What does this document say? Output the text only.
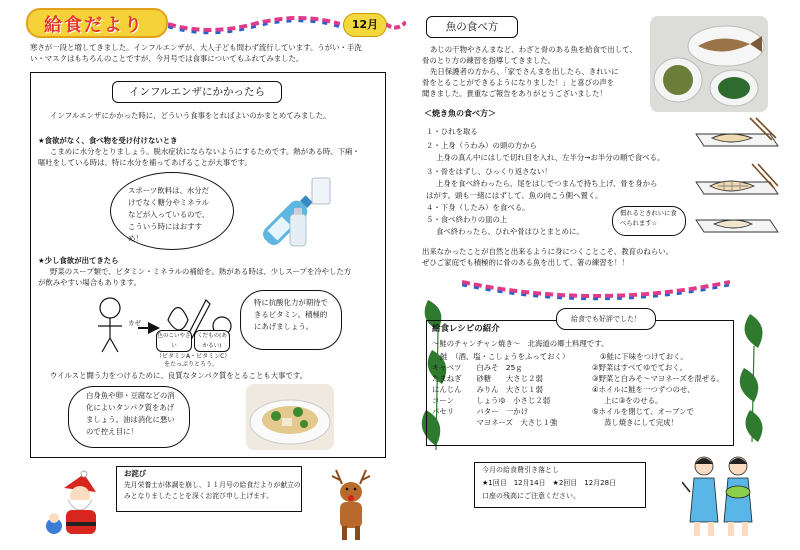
給食だより	12月
寒さが一段と増してきました。インフルエンザが、大人子ども問わず流行しています。うがい・手洗
い・マスクはもちろんのことですが、今月号では食事についてもふれてみました。
インフルエンザにかかったら
インフルエンザにかかった時に、どういう食事をとればよいのかまとめてみました。
★食欲がなく、食べ物を受け付けないとき
こまめに水分をとりましょう。脱水症状にならないようにするためです。熱がある時、下痢・
嘔吐をしている時は、特に水分を補ってあげることが大事です。
スポーツ飲料は、水分だけでなく糖分やミネラルなどが入っているので、こういう時にはおすすめ！
★少し食欲が出てきたら
野菜のスープ類で、ビタミン・ミネラルの補給を。熱がある時は、少しスープを冷やした方
が飲みやすい場合もあります。
カゼ
色のこいやさい
くだもの(あかるい)
（ビタミンA・ビタミンC）
をたっぷりとろう。
特に抗酸化力が期待できるビタミン。積極的にあげましょう。
ウイルスと闘う力をつけるために、良質なタンパク質をとることも大事です。
白身魚や卵・豆腐などの消化によいタンパク質をあげましょう。油は消化に悪いので控え目に！
お詫び
先月栄養士が体調を崩し、１１月号の給食だよりが献立の
みとなりましたことを深くお詫び申し上げます。
魚の食べ方
あじの干物やさんまなど、わざと骨のある魚を給食で出して、
骨のとり方の練習を指導してきました。
先日保護者の方から、「家でさんまを出したら、きれいに
骨をとることができるようになりました！」と喜びの声を
聞きました。貴重なご報告をありがとうございました！
＜焼き魚の食べ方＞
１・ひれを取る
２・上身（うわみ）の頭の方から
上身の真ん中にはしで切れ目を入れ、左半分→お半分の順で食べる。
３・骨をはずし、ひっくり返さない！
上身を食べ終わったら、尾をはしでつまんで持ち上げ、骨を身から
はがす。頭も一緒にはずして、魚の向こう側へ置く。
４・下身（したみ）を食べる。
５・食べ終わりの皿の上
食べ終わったら、ひれや骨はひとまとめに。
慣れるときれいに食べられます☆
出来なかったことが自然と出来るように身につくことこそ、教育のねらい。
ぜひご家庭でも積極的に骨のある魚を出して、箸の練習を！！
給食レシピの紹介
給食でも好評でした！
～鮭のチャンチャン焼き～　北海道の郷土料理です。
鮭　（酒、塩・こしょうをふっておく）	①鮭に下味をつけておく。
キャベツ　　白みそ　25ｇ	②野菜はすべてゆでておく。
たまねぎ　　砂糖　　大さじ２弱	③野菜と白みそ～マヨネーズを混ぜる。
にんじん　　みりん　大さじ１弱	④ホイルに鮭を一つずつのせ、
コーン　　　しょうゆ　小さじ２弱	上に③をのせる。
パセリ　　　バター　一かけ	⑤ホイルを閉じて、オーブンで
　　　　　　マヨネーズ　大さじ１強	蒸し焼きにして完成！
今月の給食費引き落とし
★1回目　12月14日　★2回目　12月28日
口座の残高にご注意ください。
